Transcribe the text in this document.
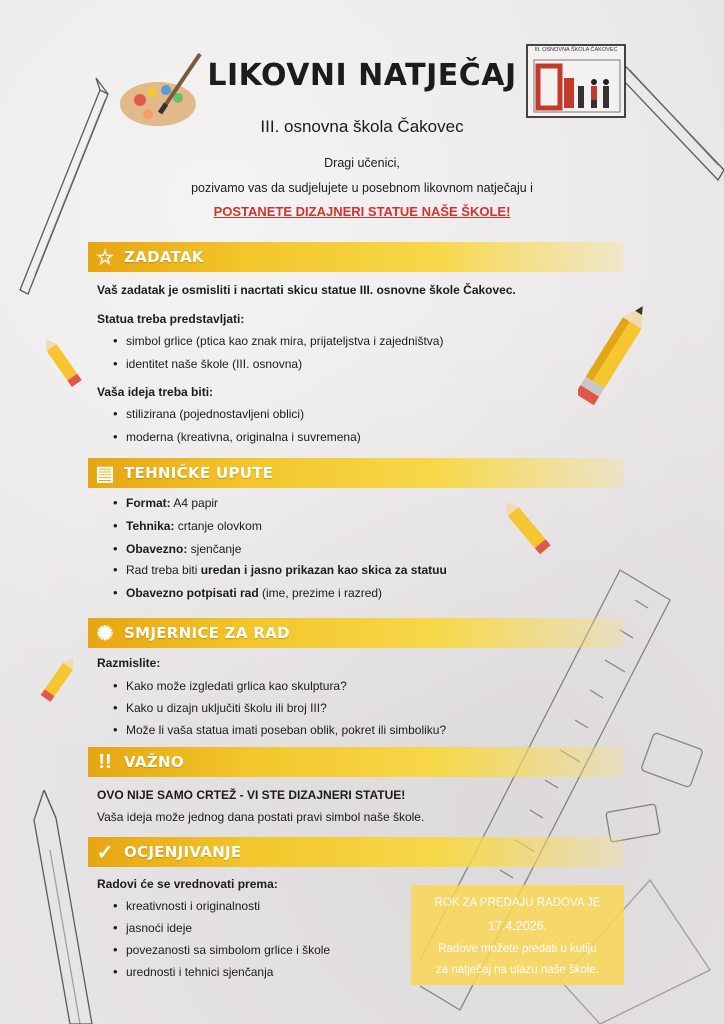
III. OSNOVNA ŠKOLA ČAKOVEC
LIKOVNI NATJEČAJ
III. osnovna škola Čakovec
Dragi učenici,
pozivamo vas da sudjelujete u posebnom likovnom natječaju i
POSTANETE DIZAJNERI STATUE NAŠE ŠKOLE!
☆ ZADATAK
Vaš zadatak je osmisliti i nacrtati skicu statue III. osnovne škole Čakovec.
Statua treba predstavljati:
• simbol grlice (ptica kao znak mira, prijateljstva i zajedništva)
• identitet naše škole (III. osnovna)
Vaša ideja treba biti:
• stilizirana (pojednostavljeni oblici)
• moderna (kreativna, originalna i suvremena)
▤ TEHNIČKE UPUTE
• Format: A4 papir
• Tehnika: crtanje olovkom
• Obavezno: sjenčanje
• Rad treba biti uredan i jasno prikazan kao skica za statuu
• Obavezno potpisati rad (ime, prezime i razred)
✺ SMJERNICE ZA RAD
Razmislite:
• Kako može izgledati grlica kao skulptura?
• Kako u dizajn uključiti školu ili broj III?
• Može li vaša statua imati poseban oblik, pokret ili simboliku?
!! VAŽNO
OVO NIJE SAMO CRTEŽ - VI STE DIZAJNERI STATUE!
Vaša ideja može jednog dana postati pravi simbol naše škole.
✓ OCJENJIVANJE
Radovi će se vrednovati prema:
• kreativnosti i originalnosti
• jasnoći ideje
• povezanosti sa simbolom grlice i škole
• urednosti i tehnici sjenčanja
ROK ZA PREDAJU RADOVA JE
17.4.2026.
Radove možete predati u kutiju
za natječaj na ulazu naše škole.
